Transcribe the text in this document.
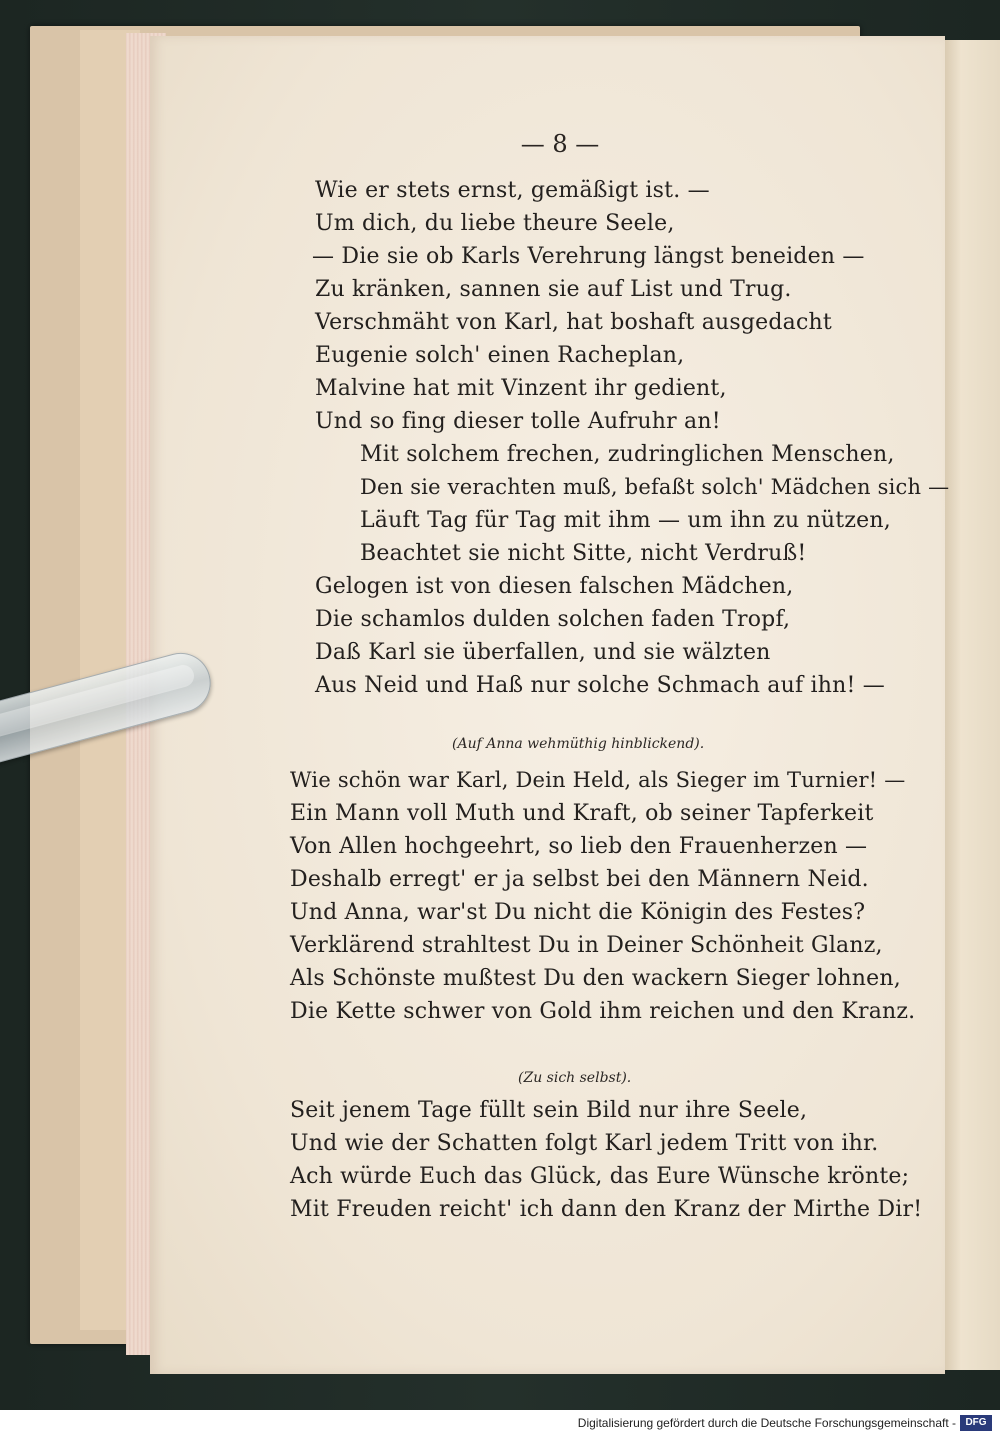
— 8 —
Wie er stets ernst, gemäßigt ist. —
Um dich, du liebe theure Seele,
— Die sie ob Karls Verehrung längst beneiden —
Zu kränken, sannen sie auf List und Trug.
Verschmäht von Karl, hat boshaft ausgedacht
Eugenie solch' einen Racheplan,
Malvine hat mit Vinzent ihr gedient,
Und so fing dieser tolle Aufruhr an!
Mit solchem frechen, zudringlichen Menschen,
Den sie verachten muß, befaßt solch' Mädchen sich —
Läuft Tag für Tag mit ihm — um ihn zu nützen,
Beachtet sie nicht Sitte, nicht Verdruß!
Gelogen ist von diesen falschen Mädchen,
Die schamlos dulden solchen faden Tropf,
Daß Karl sie überfallen, und sie wälzten
Aus Neid und Haß nur solche Schmach auf ihn! —
(Auf Anna wehmüthig hinblickend).
Wie schön war Karl, Dein Held, als Sieger im Turnier! —
Ein Mann voll Muth und Kraft, ob seiner Tapferkeit
Von Allen hochgeehrt, so lieb den Frauenherzen —
Deshalb erregt' er ja selbst bei den Männern Neid.
Und Anna, war'st Du nicht die Königin des Festes?
Verklärend strahltest Du in Deiner Schönheit Glanz,
Als Schönste mußtest Du den wackern Sieger lohnen,
Die Kette schwer von Gold ihm reichen und den Kranz.
(Zu sich selbst).
Seit jenem Tage füllt sein Bild nur ihre Seele,
Und wie der Schatten folgt Karl jedem Tritt von ihr.
Ach würde Euch das Glück, das Eure Wünsche krönte;
Mit Freuden reicht' ich dann den Kranz der Mirthe Dir!
Digitalisierung gefördert durch die Deutsche Forschungsgemeinschaft - DFG
